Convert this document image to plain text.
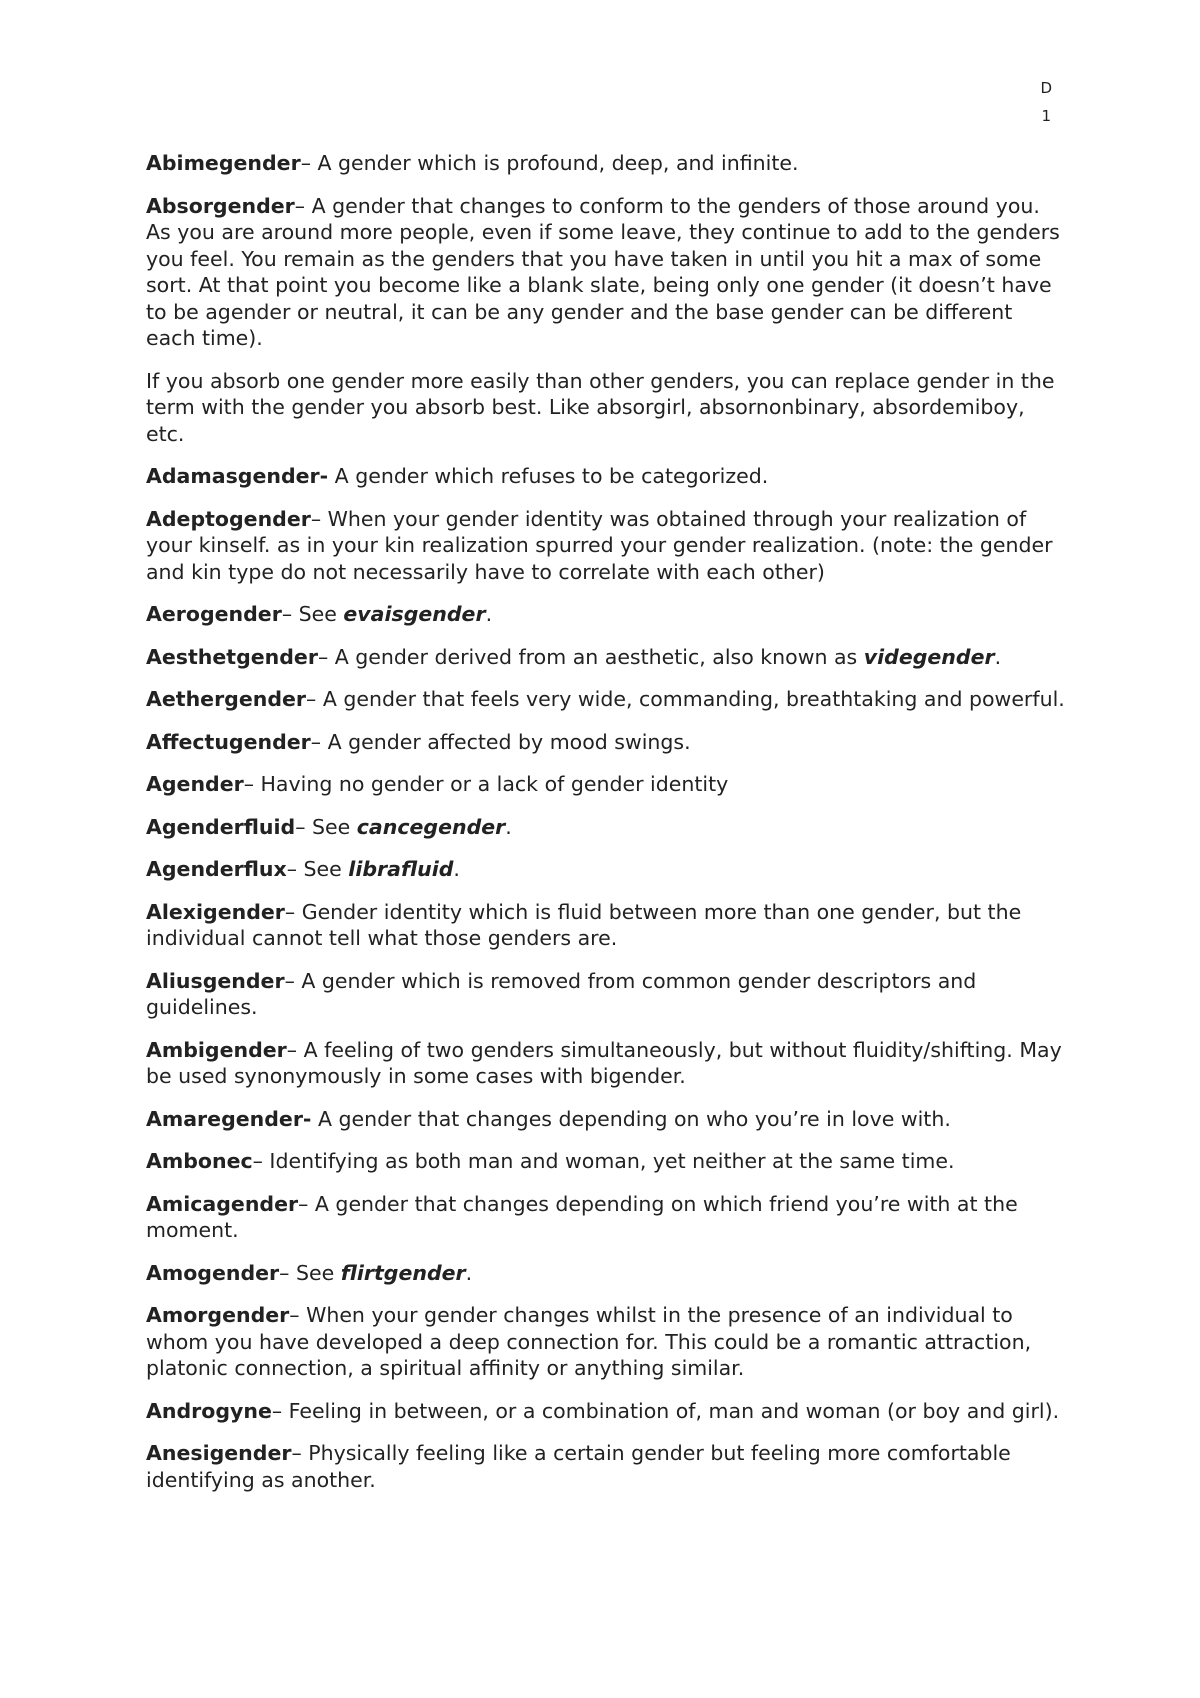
D
1

Abimegender– A gender which is profound, deep, and infinite.

Absorgender– A gender that changes to conform to the genders of those around you. As you are around more people, even if some leave, they continue to add to the genders you feel. You remain as the genders that you have taken in until you hit a max of some sort. At that point you become like a blank slate, being only one gender (it doesn’t have to be agender or neutral, it can be any gender and the base gender can be different each time).

If you absorb one gender more easily than other genders, you can replace gender in the term with the gender you absorb best. Like absorgirl, absornonbinary, absordemiboy, etc.

Adamasgender- A gender which refuses to be categorized.

Adeptogender– When your gender identity was obtained through your realization of your kinself. as in your kin realization spurred your gender realization. (note: the gender and kin type do not necessarily have to correlate with each other)

Aerogender– See evaisgender.

Aesthetgender– A gender derived from an aesthetic, also known as videgender.

Aethergender– A gender that feels very wide, commanding, breathtaking and powerful.

Affectugender– A gender affected by mood swings.

Agender– Having no gender or a lack of gender identity

Agenderfluid– See cancegender.

Agenderflux– See librafluid.

Alexigender– Gender identity which is fluid between more than one gender, but the individual cannot tell what those genders are.

Aliusgender– A gender which is removed from common gender descriptors and guidelines.

Ambigender– A feeling of two genders simultaneously, but without fluidity/shifting. May be used synonymously in some cases with bigender.

Amaregender- A gender that changes depending on who you’re in love with.

Ambonec– Identifying as both man and woman, yet neither at the same time.

Amicagender– A gender that changes depending on which friend you’re with at the moment.

Amogender– See flirtgender.

Amorgender– When your gender changes whilst in the presence of an individual to whom you have developed a deep connection for. This could be a romantic attraction, platonic connection, a spiritual affinity or anything similar.

Androgyne– Feeling in between, or a combination of, man and woman (or boy and girl).

Anesigender– Physically feeling like a certain gender but feeling more comfortable identifying as another.
